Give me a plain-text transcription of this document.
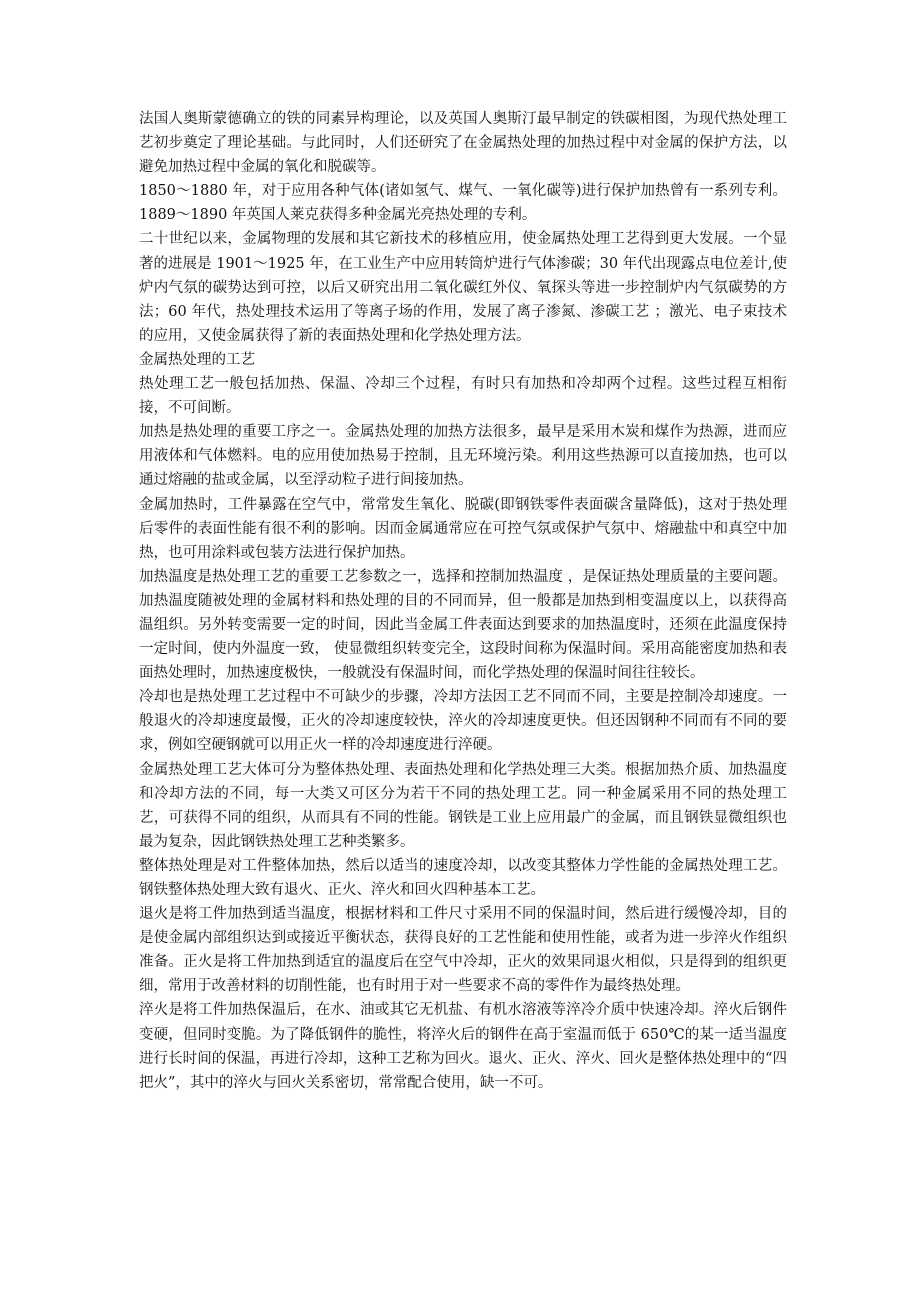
法国人奥斯蒙德确立的铁的同素异构理论，以及英国人奥斯汀最早制定的铁碳相图，为现代热处理工艺初步奠定了理论基础。与此同时，人们还研究了在金属热处理的加热过程中对金属的保护方法，以避免加热过程中金属的氧化和脱碳等。

1850～1880 年，对于应用各种气体(诸如氢气、煤气、一氧化碳等)进行保护加热曾有一系列专利。1889～1890 年英国人莱克获得多种金属光亮热处理的专利。

二十世纪以来，金属物理的发展和其它新技术的移植应用，使金属热处理工艺得到更大发展。一个显著的进展是 1901～1925 年，在工业生产中应用转筒炉进行气体渗碳；30 年代出现露点电位差计,使炉内气氛的碳势达到可控，以后又研究出用二氧化碳红外仪、氧探头等进一步控制炉内气氛碳势的方法；60 年代，热处理技术运用了等离子场的作用，发展了离子渗氮、渗碳工艺 ；激光、电子束技术的应用，又使金属获得了新的表面热处理和化学热处理方法。

金属热处理的工艺

热处理工艺一般包括加热、保温、冷却三个过程，有时只有加热和冷却两个过程。这些过程互相衔接，不可间断。

加热是热处理的重要工序之一。金属热处理的加热方法很多，最早是采用木炭和煤作为热源，进而应用液体和气体燃料。电的应用使加热易于控制，且无环境污染。利用这些热源可以直接加热，也可以通过熔融的盐或金属，以至浮动粒子进行间接加热。

金属加热时，工件暴露在空气中，常常发生氧化、脱碳(即钢铁零件表面碳含量降低)，这对于热处理后零件的表面性能有很不利的影响。因而金属通常应在可控气氛或保护气氛中、熔融盐中和真空中加热，也可用涂料或包装方法进行保护加热。

加热温度是热处理工艺的重要工艺参数之一，选择和控制加热温度 ，是保证热处理质量的主要问题。加热温度随被处理的金属材料和热处理的目的不同而异，但一般都是加热到相变温度以上，以获得高温组织。另外转变需要一定的时间，因此当金属工件表面达到要求的加热温度时，还须在此温度保持一定时间，使内外温度一致， 使显微组织转变完全，这段时间称为保温时间。采用高能密度加热和表面热处理时，加热速度极快，一般就没有保温时间，而化学热处理的保温时间往往较长。

冷却也是热处理工艺过程中不可缺少的步骤，冷却方法因工艺不同而不同，主要是控制冷却速度。一般退火的冷却速度最慢，正火的冷却速度较快，淬火的冷却速度更快。但还因钢种不同而有不同的要求，例如空硬钢就可以用正火一样的冷却速度进行淬硬。

金属热处理工艺大体可分为整体热处理、表面热处理和化学热处理三大类。根据加热介质、加热温度和冷却方法的不同，每一大类又可区分为若干不同的热处理工艺。同一种金属采用不同的热处理工艺，可获得不同的组织，从而具有不同的性能。钢铁是工业上应用最广的金属，而且钢铁显微组织也最为复杂，因此钢铁热处理工艺种类繁多。

整体热处理是对工件整体加热，然后以适当的速度冷却，以改变其整体力学性能的金属热处理工艺。钢铁整体热处理大致有退火、正火、淬火和回火四种基本工艺。

退火是将工件加热到适当温度，根据材料和工件尺寸采用不同的保温时间，然后进行缓慢冷却，目的是使金属内部组织达到或接近平衡状态，获得良好的工艺性能和使用性能，或者为进一步淬火作组织准备。正火是将工件加热到适宜的温度后在空气中冷却，正火的效果同退火相似，只是得到的组织更细，常用于改善材料的切削性能，也有时用于对一些要求不高的零件作为最终热处理。

淬火是将工件加热保温后，在水、油或其它无机盐、有机水溶液等淬冷介质中快速冷却。淬火后钢件变硬，但同时变脆。为了降低钢件的脆性，将淬火后的钢件在高于室温而低于 650℃的某一适当温度进行长时间的保温，再进行冷却，这种工艺称为回火。退火、正火、淬火、回火是整体热处理中的“四把火”，其中的淬火与回火关系密切，常常配合使用，缺一不可。
